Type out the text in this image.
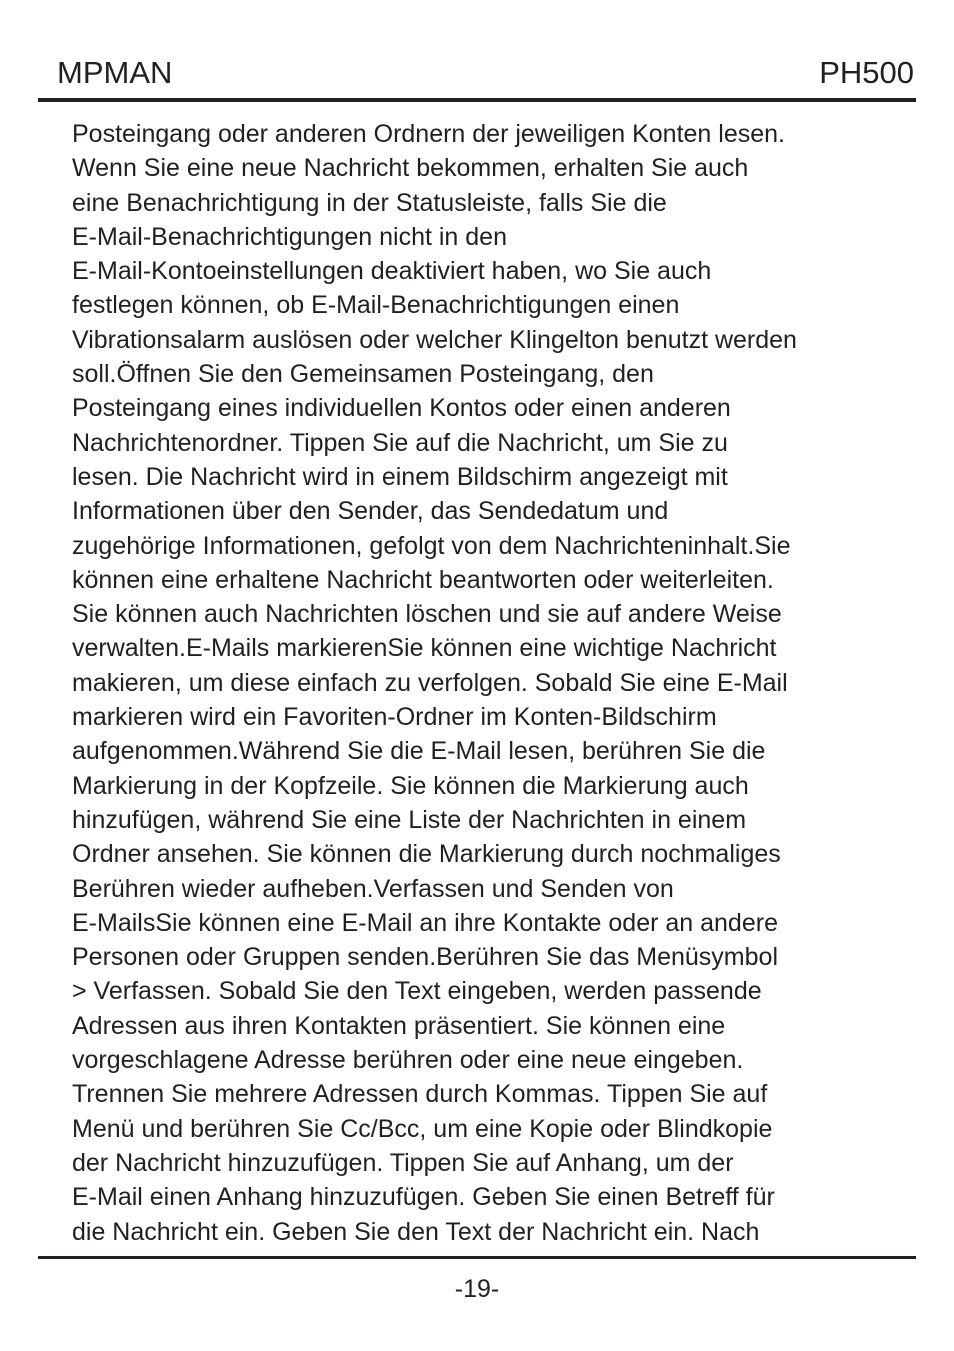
MPMAN	PH500
Posteingang oder anderen Ordnern der jeweiligen Konten lesen.
Wenn Sie eine neue Nachricht bekommen, erhalten Sie auch
eine Benachrichtigung in der Statusleiste, falls Sie die
E-Mail-Benachrichtigungen nicht in den
E-Mail-Kontoeinstellungen deaktiviert haben, wo Sie auch
festlegen können, ob E-Mail-Benachrichtigungen einen
Vibrationsalarm auslösen oder welcher Klingelton benutzt werden
soll.Öffnen Sie den Gemeinsamen Posteingang, den
Posteingang eines individuellen Kontos oder einen anderen
Nachrichtenordner. Tippen Sie auf die Nachricht, um Sie zu
lesen. Die Nachricht wird in einem Bildschirm angezeigt mit
Informationen über den Sender, das Sendedatum und
zugehörige Informationen, gefolgt von dem Nachrichteninhalt.Sie
können eine erhaltene Nachricht beantworten oder weiterleiten.
Sie können auch Nachrichten löschen und sie auf andere Weise
verwalten.E-Mails markierenSie können eine wichtige Nachricht
makieren, um diese einfach zu verfolgen. Sobald Sie eine E-Mail
markieren wird ein Favoriten-Ordner im Konten-Bildschirm
aufgenommen.Während Sie die E-Mail lesen, berühren Sie die
Markierung in der Kopfzeile. Sie können die Markierung auch
hinzufügen, während Sie eine Liste der Nachrichten in einem
Ordner ansehen. Sie können die Markierung durch nochmaliges
Berühren wieder aufheben.Verfassen und Senden von
E-MailsSie können eine E-Mail an ihre Kontakte oder an andere
Personen oder Gruppen senden.Berühren Sie das Menüsymbol
> Verfassen. Sobald Sie den Text eingeben, werden passende
Adressen aus ihren Kontakten präsentiert. Sie können eine
vorgeschlagene Adresse berühren oder eine neue eingeben.
Trennen Sie mehrere Adressen durch Kommas. Tippen Sie auf
Menü und berühren Sie Cc/Bcc, um eine Kopie oder Blindkopie
der Nachricht hinzuzufügen. Tippen Sie auf Anhang, um der
E-Mail einen Anhang hinzuzufügen. Geben Sie einen Betreff für
die Nachricht ein. Geben Sie den Text der Nachricht ein. Nach
-19-
